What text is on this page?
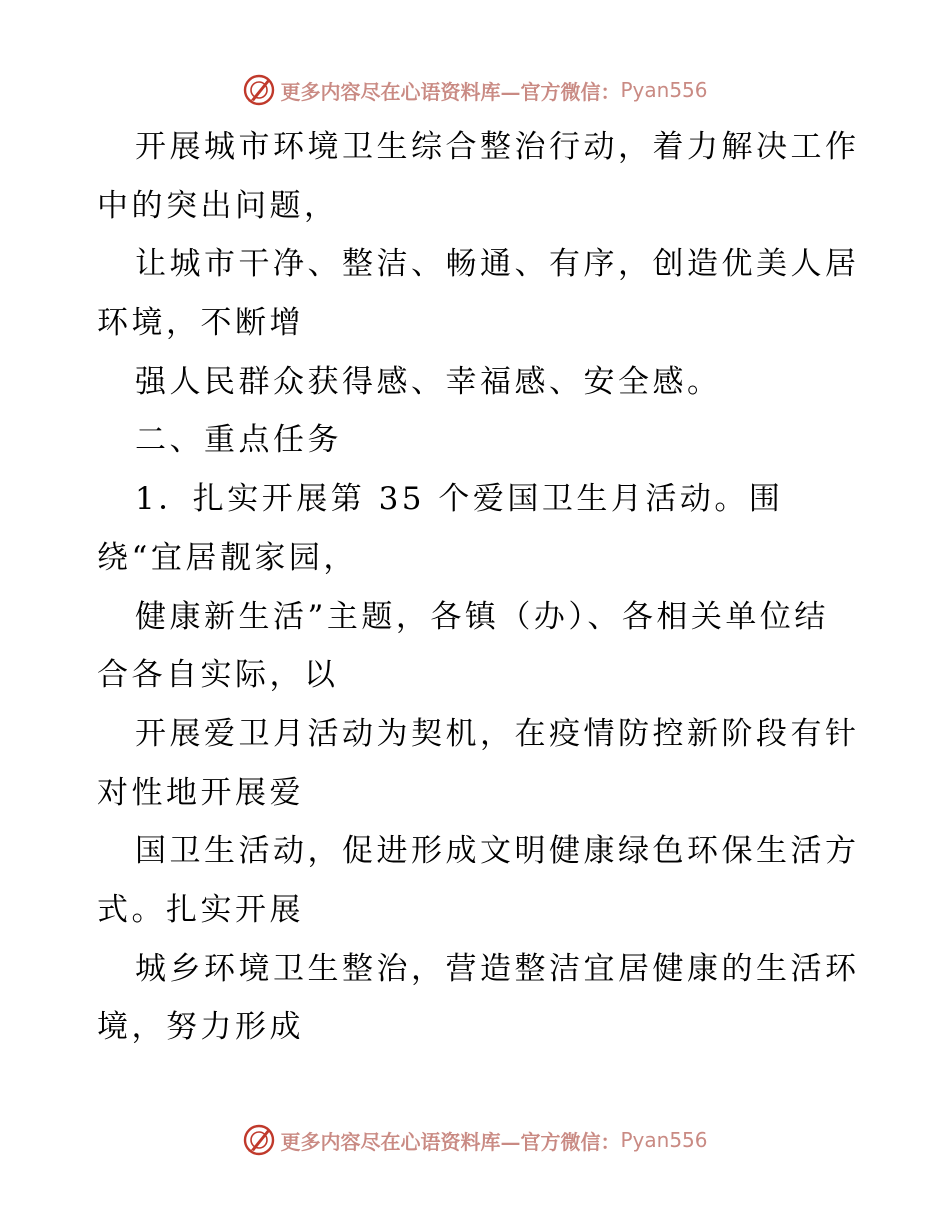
更多内容尽在心语资料库—官方微信： Pyan556
开展城市环境卫生综合整治行动，着力解决工作
中的突出问题，
让城市干净、整洁、畅通、有序，创造优美人居
环境，不断增
强人民群众获得感、幸福感、安全感。
二、重点任务
1．扎实开展第 35 个爱国卫生月活动。围
绕“宜居靓家园，
健康新生活”主题，各镇（办）、各相关单位结
合各自实际，以
开展爱卫月活动为契机，在疫情防控新阶段有针
对性地开展爱
国卫生活动，促进形成文明健康绿色环保生活方
式。扎实开展
城乡环境卫生整治，营造整洁宜居健康的生活环
境，努力形成
更多内容尽在心语资料库—官方微信： Pyan556
